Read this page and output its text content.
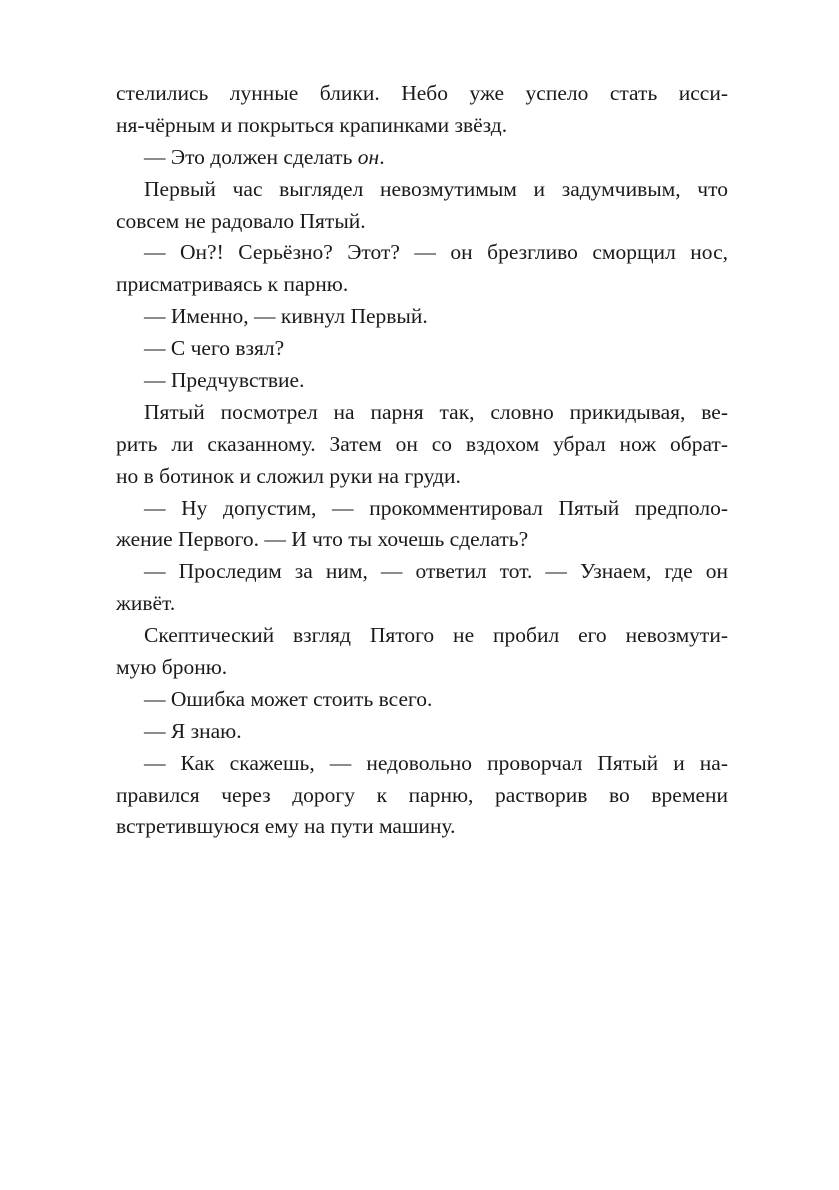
стелились лунные блики. Небо уже успело стать исси-
ня-чёрным и покрыться крапинками звёзд.
— Это должен сделать он.
Первый час выглядел невозмутимым и задумчивым, что
совсем не радовало Пятый.
— Он?! Серьёзно? Этот? — он брезгливо сморщил нос,
присматриваясь к парню.
— Именно, — кивнул Первый.
— С чего взял?
— Предчувствие.
Пятый посмотрел на парня так, словно прикидывая, ве-
рить ли сказанному. Затем он со вздохом убрал нож обрат-
но в ботинок и сложил руки на груди.
— Ну допустим, — прокомментировал Пятый предполо-
жение Первого. — И что ты хочешь сделать?
— Проследим за ним, — ответил тот. — Узнаем, где он
живёт.
Скептический взгляд Пятого не пробил его невозмути-
мую броню.
— Ошибка может стоить всего.
— Я знаю.
— Как скажешь, — недовольно проворчал Пятый и на-
правился через дорогу к парню, растворив во времени
встретившуюся ему на пути машину.
